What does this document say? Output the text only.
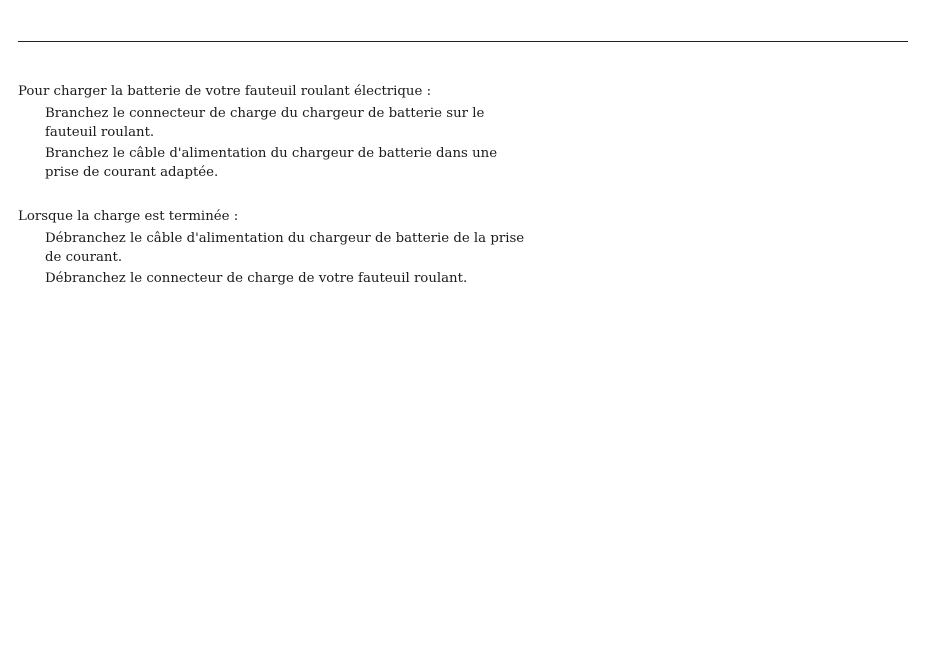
Pour charger la batterie de votre fauteuil roulant électrique :

Branchez le connecteur de charge du chargeur de batterie sur le fauteuil roulant.
Branchez le câble d'alimentation du chargeur de batterie dans une prise de courant adaptée.

Lorsque la charge est terminée :

Débranchez le câble d'alimentation du chargeur de batterie de la prise de courant.
Débranchez le connecteur de charge de votre fauteuil roulant.
